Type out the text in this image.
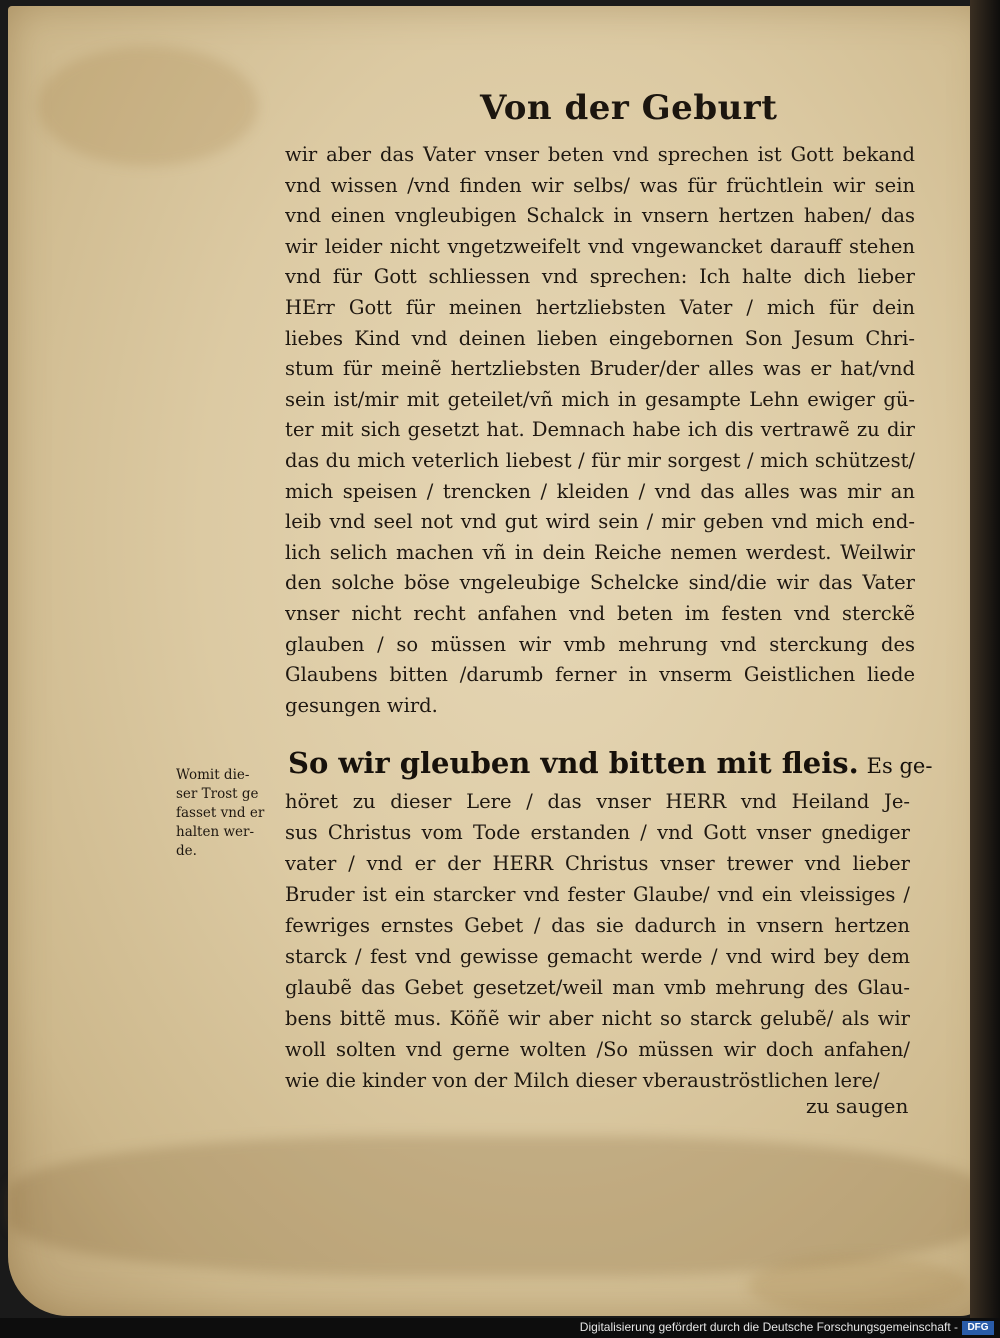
Von der Geburt
wir aber das Vater vnser beten vnd sprechen ist Gott bekand
vnd wissen /vnd finden wir selbs/ was für früchtlein wir sein
vnd einen vngleubigen Schalck in vnsern hertzen haben/ das
wir leider nicht vngetzweifelt vnd vngewancket darauff stehen
vnd für Gott schliessen vnd sprechen: Ich halte dich lieber
HErr Gott für meinen hertzliebsten Vater / mich für dein
liebes Kind vnd deinen lieben eingebornen Son Jesum Chri-
stum für meinẽ hertzliebsten Bruder/der alles was er hat/vnd
sein ist/mir mit geteilet/vñ mich in gesampte Lehn ewiger gü-
ter mit sich gesetzt hat. Demnach habe ich dis vertrawẽ zu dir
das du mich veterlich liebest / für mir sorgest / mich schützest/
mich speisen / trencken / kleiden / vnd das alles was mir an
leib vnd seel not vnd gut wird sein / mir geben vnd mich end-
lich selich machen vñ in dein Reiche nemen werdest. Weilwir
den solche böse vngeleubige Schelcke sind/die wir das Vater
vnser nicht recht anfahen vnd beten im festen vnd sterckẽ
glauben / so müssen wir vmb mehrung vnd sterckung des
Glaubens bitten /darumb ferner in vnserm Geistlichen liede
gesungen wird.
Womit die-
ser Trost ge
fasset vnd er
halten wer-
de.
So wir gleuben vnd bitten mit fleis. Es ge-
höret zu dieser Lere / das vnser HERR vnd Heiland Je-
sus Christus vom Tode erstanden / vnd Gott vnser gnediger
vater / vnd er der HERR Christus vnser trewer vnd lieber
Bruder ist ein starcker vnd fester Glaube/ vnd ein vleissiges /
fewriges ernstes Gebet / das sie dadurch in vnsern hertzen
starck / fest vnd gewisse gemacht werde / vnd wird bey dem
glaubẽ das Gebet gesetzet/weil man vmb mehrung des Glau-
bens bittẽ mus. Köñẽ wir aber nicht so starck gelubẽ/ als wir
woll solten vnd gerne wolten /So müssen wir doch anfahen/
wie die kinder von der Milch dieser vberauströstlichen lere/
zu saugen
Digitalisierung gefördert durch die Deutsche Forschungsgemeinschaft - DFG
